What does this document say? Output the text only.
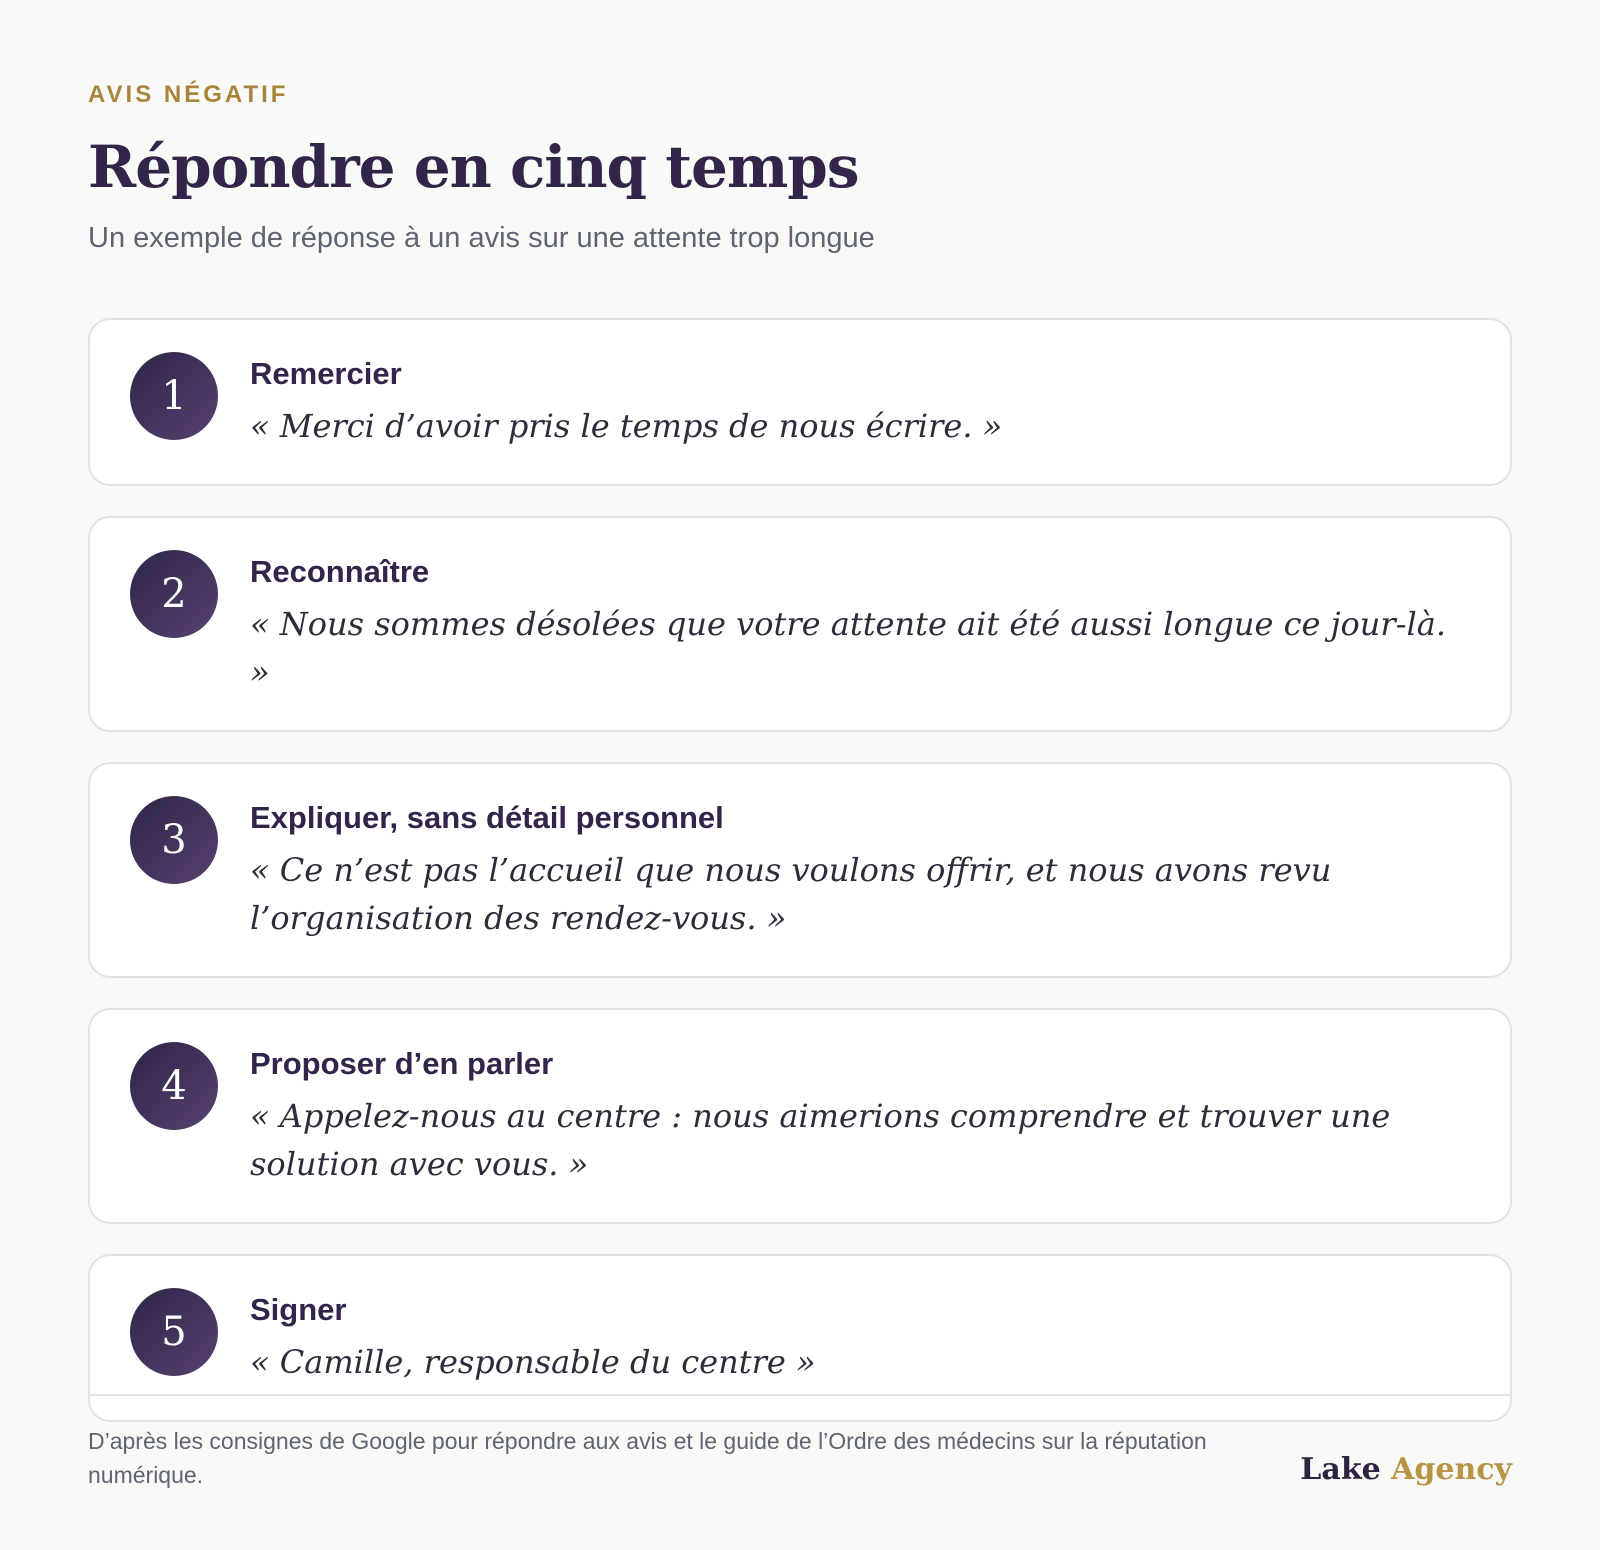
AVIS NÉGATIF
Répondre en cinq temps
Un exemple de réponse à un avis sur une attente trop longue
1	Remercier
« Merci d’avoir pris le temps de nous écrire. »
2	Reconnaître
« Nous sommes désolées que votre attente ait été aussi longue ce jour-là. »
3	Expliquer, sans détail personnel
« Ce n’est pas l’accueil que nous voulons offrir, et nous avons revu l’organisation des rendez-vous. »
4	Proposer d’en parler
« Appelez-nous au centre : nous aimerions comprendre et trouver une solution avec vous. »
5	Signer
« Camille, responsable du centre »
D’après les consignes de Google pour répondre aux avis et le guide de l’Ordre des médecins sur la réputation numérique.	Lake Agency
